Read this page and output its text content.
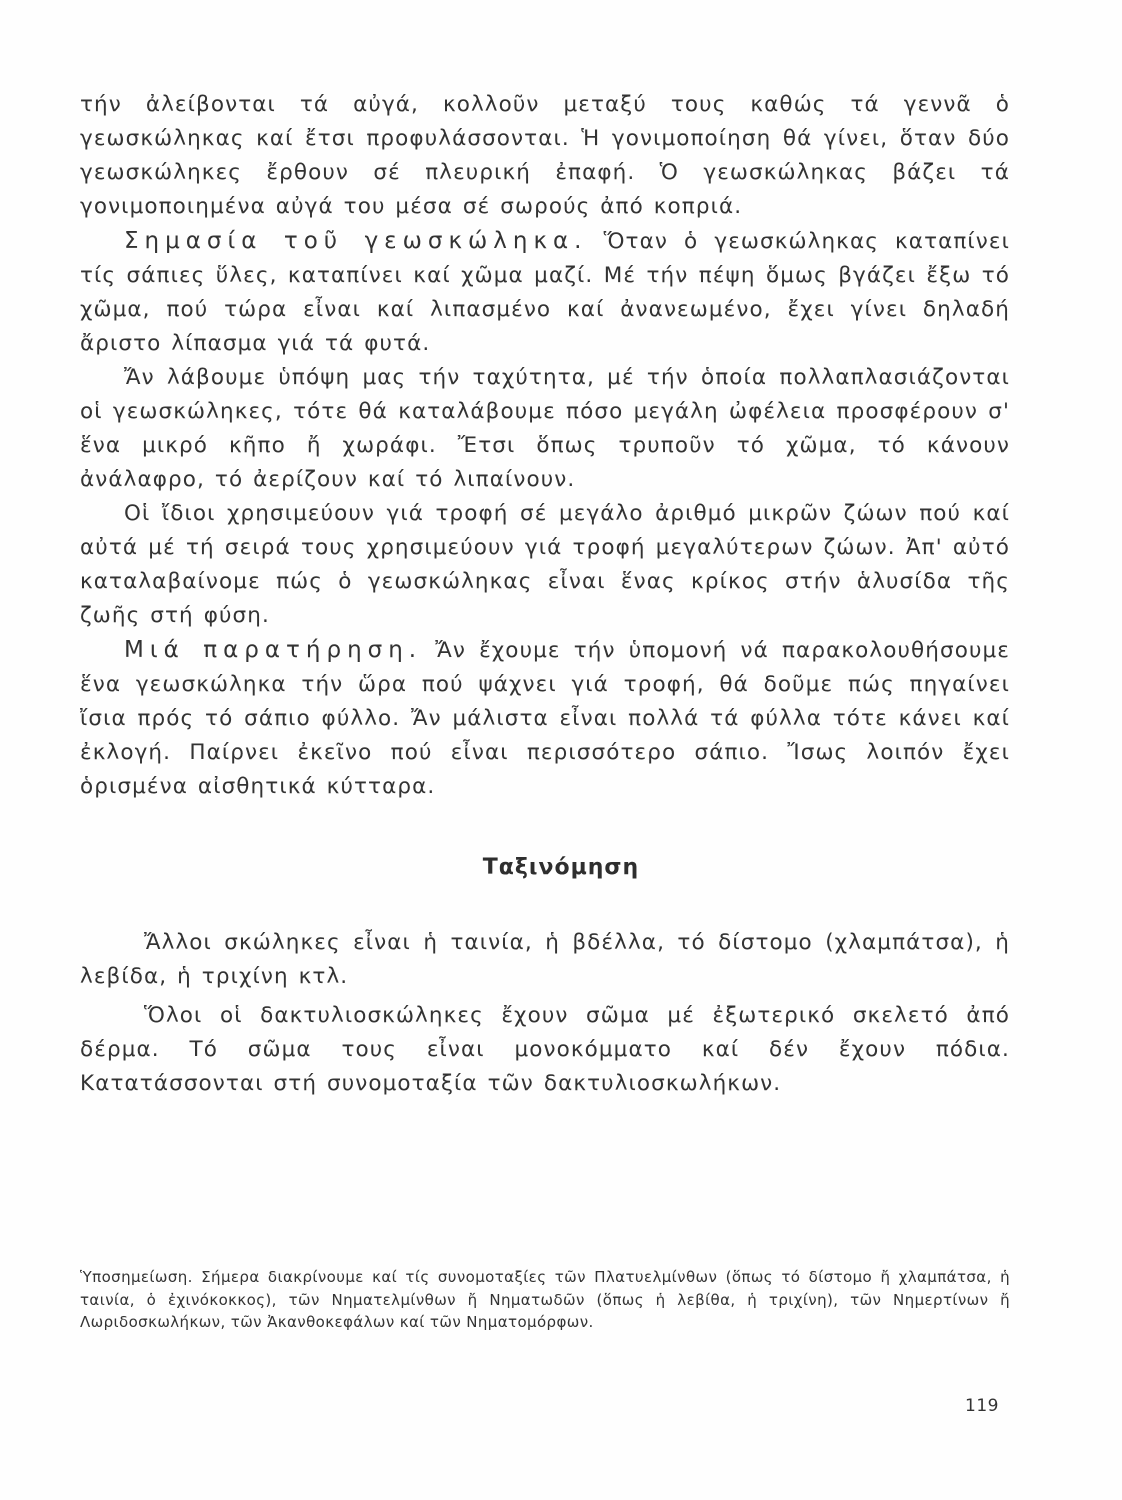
τήν ἀλείβονται τά αὐγά, κολλοῦν μεταξύ τους καθώς τά γεννᾶ ὁ γεωσκώληκας καί ἔτσι προφυλάσσονται. Ἡ γονιμοποίηση θά γίνει, ὅταν δύο γεωσκώληκες ἔρθουν σέ πλευρική ἐπαφή. Ὁ γεωσκώληκας βάζει τά γονιμοποιημένα αὐγά του μέσα σέ σωρούς ἀπό κοπριά.

Σημασία τοῦ γεωσκώληκα. Ὅταν ὁ γεωσκώληκας καταπίνει τίς σάπιες ὕλες, καταπίνει καί χῶμα μαζί. Μέ τήν πέψη ὅμως βγάζει ἔξω τό χῶμα, πού τώρα εἶναι καί λιπασμένο καί ἀνανεωμένο, ἔχει γίνει δηλαδή ἄριστο λίπασμα γιά τά φυτά.

Ἄν λάβουμε ὑπόψη μας τήν ταχύτητα, μέ τήν ὁποία πολλαπλασιάζονται οἱ γεωσκώληκες, τότε θά καταλάβουμε πόσο μεγάλη ὠφέλεια προσφέρουν σ' ἕνα μικρό κῆπο ἤ χωράφι. Ἔτσι ὅπως τρυποῦν τό χῶμα, τό κάνουν ἀνάλαφρο, τό ἀερίζουν καί τό λιπαίνουν.

Οἱ ἴδιοι χρησιμεύουν γιά τροφή σέ μεγάλο ἀριθμό μικρῶν ζώων πού καί αὐτά μέ τή σειρά τους χρησιμεύουν γιά τροφή μεγαλύτερων ζώων. Ἀπ' αὐτό καταλαβαίνομε πώς ὁ γεωσκώληκας εἶναι ἕνας κρίκος στήν ἁλυσίδα τῆς ζωῆς στή φύση.

Μιά παρατήρηση. Ἄν ἔχουμε τήν ὑπομονή νά παρακολουθήσουμε ἕνα γεωσκώληκα τήν ὥρα πού ψάχνει γιά τροφή, θά δοῦμε πώς πηγαίνει ἴσια πρός τό σάπιο φύλλο. Ἄν μάλιστα εἶναι πολλά τά φύλλα τότε κάνει καί ἐκλογή. Παίρνει ἐκεῖνο πού εἶναι περισσότερο σάπιο. Ἴσως λοιπόν ἔχει ὁρισμένα αἰσθητικά κύτταρα.

Ταξινόμηση

Ἄλλοι σκώληκες εἶναι ἡ ταινία, ἡ βδέλλα, τό δίστομο (χλαμπάτσα), ἡ λεβίδα, ἡ τριχίνη κτλ.

Ὅλοι οἱ δακτυλιοσκώληκες ἔχουν σῶμα μέ ἐξωτερικό σκελετό ἀπό δέρμα. Τό σῶμα τους εἶναι μονοκόμματο καί δέν ἔχουν πόδια. Κατατάσσονται στή συνομοταξία τῶν δακτυλιοσκωλήκων.

Ὑποσημείωση. Σήμερα διακρίνουμε καί τίς συνομοταξίες τῶν Πλατυελμίνθων (ὅπως τό δίστομο ἤ χλαμπάτσα, ἡ ταινία, ὁ ἐχινόκοκκος), τῶν Νηματελμίνθων ἤ Νηματωδῶν (ὅπως ἡ λεβίθα, ἡ τριχίνη), τῶν Νημερτίνων ἤ Λωριδοσκωλήκων, τῶν Ἀκανθοκεφάλων καί τῶν Νηματομόρφων.
119
